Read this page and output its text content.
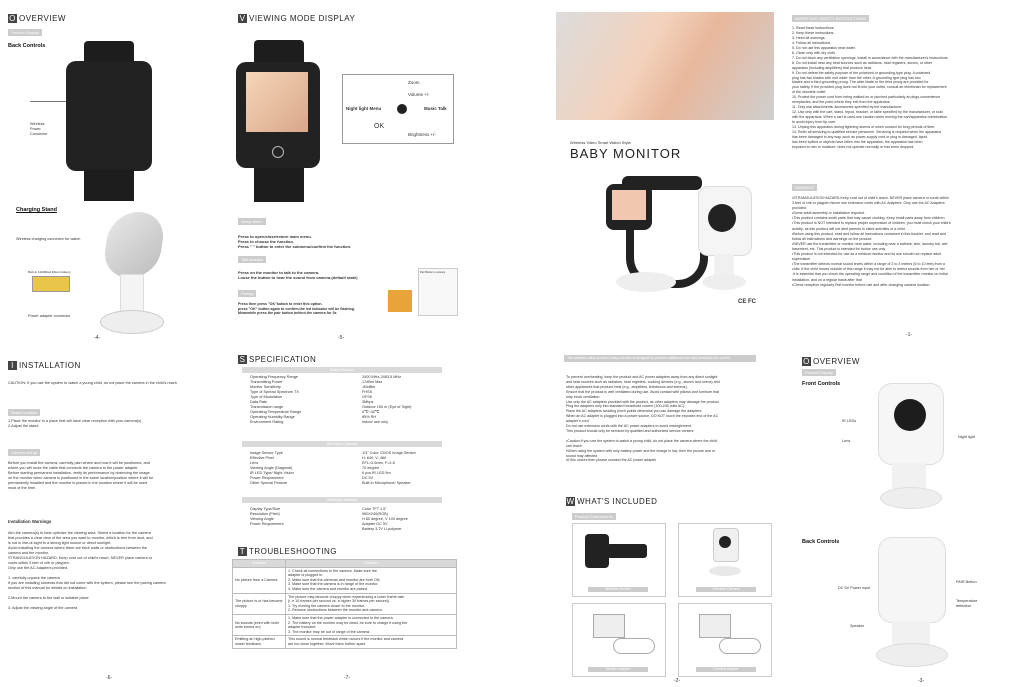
O OVERVIEW
Product Display
Back Controls
Wireless
Power
Connector
Charging Stand
Wireless charging connector for watch
Built-in 1200MaH lithium battery
Power adapter connector
-4-
V VIEWING MODE DISPLAY
Zoom
Volume +/-
Night light Menu	Music Talk
OK
Brightness +/-
Setup Menu

Press to open/close/return main menu.

Press to choose the function.

Press " " button to enter the submenu/confirm the function.

Talk function

Press on the monitor to talk to the camera.

Loose the button to hear the sound from camera.(default state)

Pairing

Press then press "OK"button to enter this option.

press "OK" button again to confirm.the led indicator will be flashing.

Meanwhile press the pair button behind the camera for 3s

Pair Button in camera
-5-
I INSTALLATION
CAUTION: If you use the system to watch a young child, do not place the camera in the child's reach
Select location

1.Place the monitor in a place that will have clear reception with your camera(s)

2.Adjust the stand

Camera set up

Before you install the camera, carefully plan where and how it will be positioned, and

where you will route the cable that connects the camera to the power adapter.

Before starting permanent installation, verify its performance by observing the image

on the monitor when camera is positioned in the same location/position where it will be

permanently installed and the monitor is placed in the location where it will be used

most of the time.

Installation Warnings

Aim the camera(s) to best optimize the viewing area. Select a location for the camera

that provides a clear view of the area you want to monitor, which is free from dust, and

is not in line-of-sight to a strong light source or direct sunlight.

Avoid installing the camera where there are thick walls or obstructions between the

camera and the monitor.

STRANGULATION HAZARD: Keep cord out of child's reach. NEVER place camera or

cords within 3 feet of crib or playpen.

Only use the AC Adapters provided.

1. carefully unpack the camera

If you are installing cameras that did not come with the system, please see the pairing camera

section of this manual for details on installation

2.Mount the camera to the wall or suitable place

3. Adjust the viewing angle of the camera

-6-
S SPECIFICATION
Baby Monitor
Operating Frequency Range	2400 MHz-2483.5 MHz
Transmitting Power	17dBm Max
Monitor Sensitivity	-89dBm
Type of Spread Spectrum TX	FHSS
Type of Modulation	GFSK
Data Rate	3Mbps
Transmission range	Outdoor 150 m (Eye of Sight)
Operating Temperature Range	0℃~40℃
Operating Humidity Range	85% RH
Environment Rating	Indoor use only
Wireless Camera
Image Sensor Type	1/3" Color CMOS Image Sensor
Effective Pixel	H: 640, V: 480
Lens	EFL=3.6mm, F=2.8
Viewing Angle (Diagonal)	70 degree
IR LED Type/ Night Vision	6 pcs IR LED 5m
Power Requirement	DC 5V
Other Special Feature	Built-in Microphone/ Speaker
Wireless Monitor
Display Type/Size	Color TFT 1.5"
Resolution (Pixel)	960X240(RGB)
Viewing Angle	H 80 degree, V 100 degree
Power Requirement	Adapter DC 5V

Battery 3.7V Li-polymer
T TROUBLESHOOTING
Problem	Solution
No picture from a Camera	1. Check all connections to the camera. Make sure the
adapter is plugged in.
2. Make sure that the cameras and monitor are both ON.
3. Make sure that the camera is in range of the monitor.
4. Make sure the camera and monitor are paired.
The picture is or has become choppy	The picture may become choppy when experiencing a lower frame rate
(i. e 10 frames per second vs. a higher 30 frames per second).
1. Try moving the camera closer to the monitor.
2. Remove obstructions between the monitor and camera.
No sounds (even with both units turned on)	1. Make sure that the power adapter is connected to the camera.
2. The battery on the monitor may be dead, be sure to charge it using the
adapter included.
3. The monitor may be out of range of the camera.
Emitting an high-pitched noise/ feedback.	This sound is normal feedback which occurs if the monitor and camera
are too close together. Move them further apart.
-7-
Wireless Video Smart Watch Style
BABY MONITOR
CE FC
IMPORTANT SAFETY INSTRUCTIONS

1. Read these instructions.

2. Keep these instructions.

3. Heed all warnings.

4. Follow all instructions.

5. Do not use this apparatus near water.

6. Clean only with dry cloth.

7. Do not block any ventilation openings. Install in accordance with the manufacturer's instructions.

8. Do not install near any heat sources such as radiators, heat registers, stoves, or other

apparatus (including amplifiers) that produce heat.

9. Do not defeat the safety purpose of the polarized or grounding-type plug. A polarized

plug has two blades with one wider than the other. A grounding type plug has two

blades and a third grounding prong. The wide blade or the third prong are provided for

your safety. If the provided plug does not fit into your outlet, consult an electrician for replacement

of the obsolete outlet.

10. Protect the power cord from being walked on or pinched particularly at plugs,convenience

receptacles, and the point where they exit from the apparatus.

11. Only use attachments/ accessories specified by the manufacturer.

12. Use only with the cart, stand, tripod, bracket, or table specified by the manufacturer, or sold

with the apparatus. When a cart is used,use caution when moving the cart/apparatus combination

to avoid injury from tip-over.

13. Unplug this apparatus during lightning storms or when unused for long periods of time.

14. Refer all servicing to qualified service personnel .Servicing is required when the apparatus

has been damaged in any way, such as power-supply cord or plug is damaged, liquid

has been spilled or objects have fallen into the apparatus, the apparatus has been

exposed to rain or moisture, does not operate normally or has been dropped.

WARNING

•STRANGULATION HAZARD-Keep cord out of child's reach. NEVER place camera or cords within

3 feet of crib or playpen.Never use extension cords with AC Adapters. Only use the AC Adapters

provided.

•Some adult assembly or installation required.

•This product contains small parts that may cause choking. Keep small parts away from children.

•This product is NOT intended to replace proper supervision of children, you must check your child's

activity, as this product will not alert parents to silent activities of a child.

•Before using this product, read and follow all instructions contained in this booklet, and read and

follow all instructions and warnings on the product.

•NEVER use the transmitter or monitor near water, including near a bathtub, sink, laundry tub, wet

basement, etc. This product is intended for indoor use only.

•This product is not intended for use as a medical monitor and its use should not replace adult

supervision

•The transmitter detects normal sound levels within a range of 2 to 3 meters (6 to 10 feet) from a

child. If the child moves outside of this range it may not be able to detect sounds from him or her

.It is essential that you check the operating range and condition of the transmitter monitor on initial

installation, and on a regular basis after that

•Check reception regularly.Test monitor before use and after changing camera location.

-1-
The wireless baby monitor's baby-monitor is designed to provide additional care and protection for a child

To prevent overheating, keep the product and AC power adapters away from any direct sunlight

and heat sources such as radiators, heat registers, cooking devices (e.g., stoves and ovens) and

other appliances that produce heat (e.g., amplifiers, televisions and stereos).

Ensure that the product is well ventilated during use. Avoid contact with pillows and furniture that

may block ventilation.

Use only the AC adapters provided with the product, as other adapters may damage the product.

Plug the adapters only into standard household current (100-240 volts AC).

Place the AC adapters avoiding pinch points otherwise you can damage the adapters.

When an AC adapter is plugged into a power source, DO NOT touch the exposed end of the AC

adapter's cord.

Do not use extension cords with the AC power adapters to avoid entanglement.

This product should only be serviced by qualified and authorized service centers

•Caution:If you use the system to watch a young child, do not place the camera where the child

can reach

•When using the system with only battery power and the charge is low, then the picture and or

sound may affected

•If this occurs then please connect the AC power adapter

W WHAT'S INCLUDED
Product Components
Wireless Monitor	Wireless Camera
Monitor adapter	Camera adapter
-2-
O OVERVIEW
Product Display
Front Controls
IR LEDs
Lens
Night light
Back Controls
DC 5V Power input
PAIR Button
Temperature
detection
Speaker
-3-
